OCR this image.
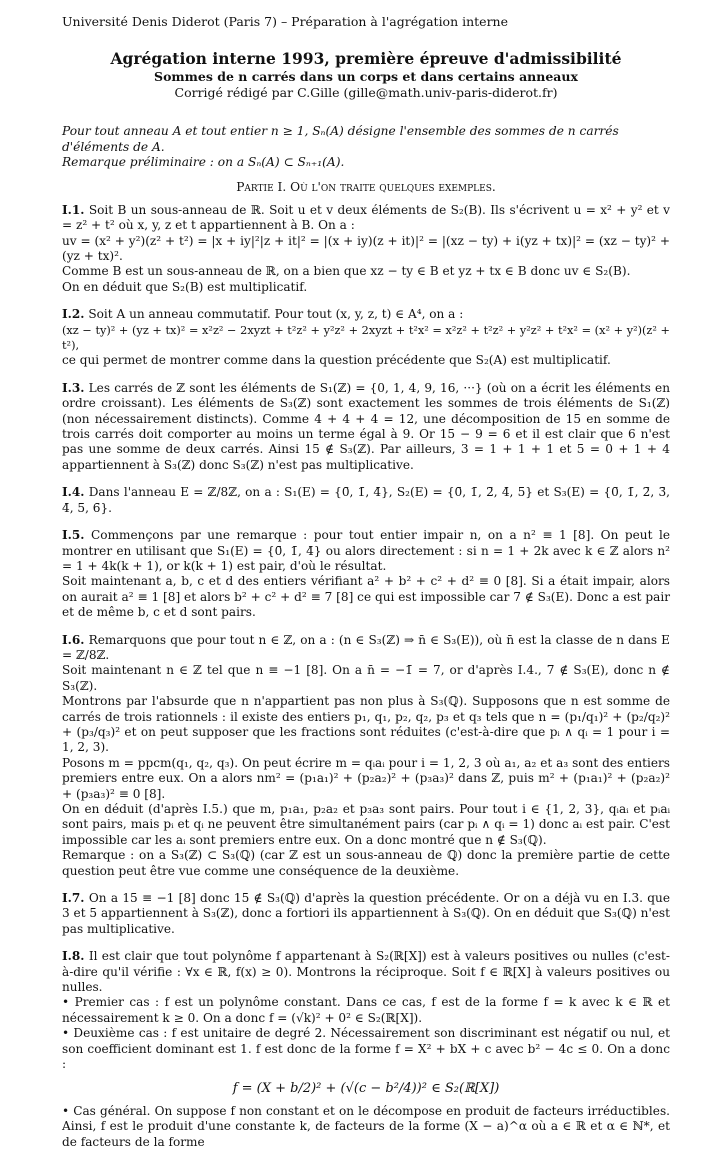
Université Denis Diderot (Paris 7) – Préparation à l'agrégation interne
Agrégation interne 1993, première épreuve d'admissibilité
Sommes de n carrés dans un corps et dans certains anneaux
Corrigé rédigé par C.Gille (gille@math.univ-paris-diderot.fr)

Pour tout anneau A et tout entier n ≥ 1, Sₙ(A) désigne l'ensemble des sommes de n carrés d'éléments de A.

Remarque préliminaire : on a Sₙ(A) ⊂ Sₙ₊₁(A).

Partie I. Où l'on traite quelques exemples.

I.1. Soit B un sous-anneau de ℝ. Soit u et v deux éléments de S₂(B). Ils s'écrivent u = x² + y² et v = z² + t² où x, y, z et t appartiennent à B. On a :

uv = (x² + y²)(z² + t²) = |x + iy|²|z + it|² = |(x + iy)(z + it)|² = |(xz − ty) + i(yz + tx)|² = (xz − ty)² + (yz + tx)².

Comme B est un sous-anneau de ℝ, on a bien que xz − ty ∈ B et yz + tx ∈ B donc uv ∈ S₂(B).

On en déduit que S₂(B) est multiplicatif.

I.2. Soit A un anneau commutatif. Pour tout (x, y, z, t) ∈ A⁴, on a :

(xz − ty)² + (yz + tx)² = x²z² − 2xyzt + t²z² + y²z² + 2xyzt + t²x² = x²z² + t²z² + y²z² + t²x² = (x² + y²)(z² + t²),

ce qui permet de montrer comme dans la question précédente que S₂(A) est multiplicatif.

I.3. Les carrés de ℤ sont les éléments de S₁(ℤ) = {0, 1, 4, 9, 16, ···} (où on a écrit les éléments en ordre croissant). Les éléments de S₃(ℤ) sont exactement les sommes de trois éléments de S₁(ℤ) (non nécessairement distincts). Comme 4 + 4 + 4 = 12, une décomposition de 15 en somme de trois carrés doit comporter au moins un terme égal à 9. Or 15 − 9 = 6 et il est clair que 6 n'est pas une somme de deux carrés. Ainsi 15 ∉ S₃(ℤ). Par ailleurs, 3 = 1 + 1 + 1 et 5 = 0 + 1 + 4 appartiennent à S₃(ℤ) donc S₃(ℤ) n'est pas multiplicative.

I.4. Dans l'anneau E = ℤ/8ℤ, on a : S₁(E) = {0̄, 1̄, 4̄}, S₂(E) = {0̄, 1̄, 2̄, 4̄, 5̄} et S₃(E) = {0̄, 1̄, 2̄, 3̄, 4̄, 5̄, 6̄}.

I.5. Commençons par une remarque : pour tout entier impair n, on a n² ≡ 1 [8]. On peut le montrer en utilisant que S₁(E) = {0̄, 1̄, 4̄} ou alors directement : si n = 1 + 2k avec k ∈ ℤ alors n² = 1 + 4k(k + 1), or k(k + 1) est pair, d'où le résultat.

Soit maintenant a, b, c et d des entiers vérifiant a² + b² + c² + d² ≡ 0 [8]. Si a était impair, alors on aurait a² ≡ 1 [8] et alors b² + c² + d² ≡ 7 [8] ce qui est impossible car 7̄ ∉ S₃(E). Donc a est pair et de même b, c et d sont pairs.

I.6. Remarquons que pour tout n ∈ ℤ, on a : (n ∈ S₃(ℤ) ⇒ n̄ ∈ S₃(E)), où n̄ est la classe de n dans E = ℤ/8ℤ.

Soit maintenant n ∈ ℤ tel que n ≡ −1 [8]. On a n̄ = −1̄ = 7̄, or d'après I.4., 7̄ ∉ S₃(E), donc n ∉ S₃(ℤ).

Montrons par l'absurde que n n'appartient pas non plus à S₃(ℚ). Supposons que n est somme de carrés de trois rationnels : il existe des entiers p₁, q₁, p₂, q₂, p₃ et q₃ tels que n = (p₁/q₁)² + (p₂/q₂)² + (p₃/q₃)² et on peut supposer que les fractions sont réduites (c'est-à-dire que pᵢ ∧ qᵢ = 1 pour i = 1, 2, 3).

Posons m = ppcm(q₁, q₂, q₃). On peut écrire m = qᵢaᵢ pour i = 1, 2, 3 où a₁, a₂ et a₃ sont des entiers premiers entre eux. On a alors nm² = (p₁a₁)² + (p₂a₂)² + (p₃a₃)² dans ℤ, puis m² + (p₁a₁)² + (p₂a₂)² + (p₃a₃)² ≡ 0 [8].

On en déduit (d'après I.5.) que m, p₁a₁, p₂a₂ et p₃a₃ sont pairs. Pour tout i ∈ {1, 2, 3}, qᵢaᵢ et pᵢaᵢ sont pairs, mais pᵢ et qᵢ ne peuvent être simultanément pairs (car pᵢ ∧ qᵢ = 1) donc aᵢ est pair. C'est impossible car les aᵢ sont premiers entre eux. On a donc montré que n ∉ S₃(ℚ).

Remarque : on a S₃(ℤ) ⊂ S₃(ℚ) (car ℤ est un sous-anneau de ℚ) donc la première partie de cette question peut être vue comme une conséquence de la deuxième.

I.7. On a 15 ≡ −1 [8] donc 15 ∉ S₃(ℚ) d'après la question précédente. Or on a déjà vu en I.3. que 3 et 5 appartiennent à S₃(ℤ), donc a fortiori ils appartiennent à S₃(ℚ). On en déduit que S₃(ℚ) n'est pas multiplicative.

I.8. Il est clair que tout polynôme f appartenant à S₂(ℝ[X]) est à valeurs positives ou nulles (c'est-à-dire qu'il vérifie : ∀x ∈ ℝ, f(x) ≥ 0). Montrons la réciproque. Soit f ∈ ℝ[X] à valeurs positives ou nulles.

• Premier cas : f est un polynôme constant. Dans ce cas, f est de la forme f = k avec k ∈ ℝ et nécessairement k ≥ 0. On a donc f = (√k)² + 0² ∈ S₂(ℝ[X]).

• Deuxième cas : f est unitaire de degré 2. Nécessairement son discriminant est négatif ou nul, et son coefficient dominant est 1. f est donc de la forme f = X² + bX + c avec b² − 4c ≤ 0. On a donc :

f = (X + b/2)² + (√(c − b²/4))² ∈ S₂(ℝ[X])

• Cas général. On suppose f non constant et on le décompose en produit de facteurs irréductibles. Ainsi, f est le produit d'une constante k, de facteurs de la forme (X − a)^α où a ∈ ℝ et α ∈ ℕ*, et de facteurs de la forme
